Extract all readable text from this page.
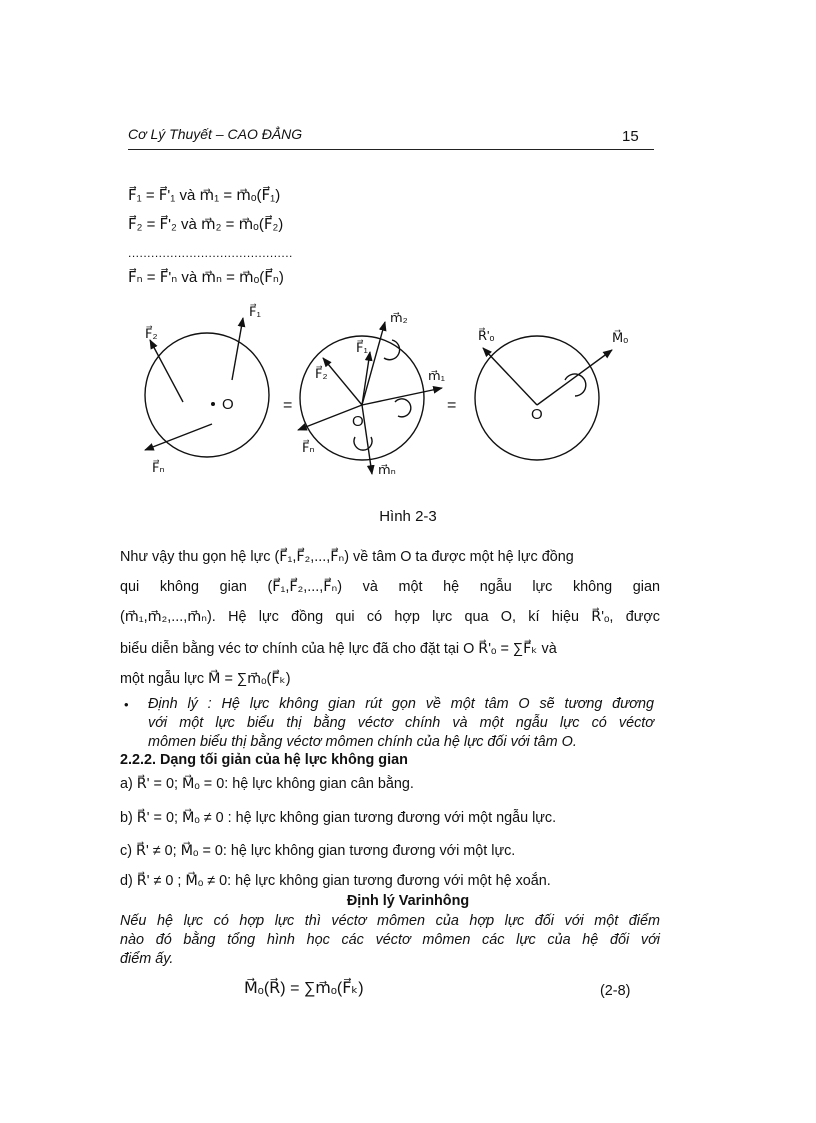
Cơ Lý Thuyết – CAO ĐẲNG	15
F⃗₁ = F⃗'₁ và m⃗₁ = m⃗ₒ(F⃗₁)
F⃗₂ = F⃗'₂ và m⃗₂ = m⃗ₒ(F⃗₂)
...........................................
F⃗ₙ = F⃗'ₙ và m⃗ₙ = m⃗ₒ(F⃗ₙ)
F⃗₁
F⃗₂
F⃗ₙ
O	=
m⃗₂
m⃗₁
F⃗₁
F⃗₂
F⃗ₙ
m⃗ₙ
O
=
R⃗'ₒ	M⃗ₒ
O
Hình 2-3
Như vậy thu gọn hệ lực (F⃗₁,F⃗₂,...,F⃗ₙ) về tâm O ta được một hệ lực đồng
qui không gian (F⃗₁,F⃗₂,...,F⃗ₙ) và một hệ ngẫu lực không gian
(m⃗₁,m⃗₂,...,m⃗ₙ). Hệ lực đồng qui có hợp lực qua O, kí hiệu R⃗'ₒ, được
biểu diễn bằng véc tơ chính của hệ lực đã cho đặt tại O R⃗'ₒ = ∑F⃗ₖ và
một ngẫu lực M⃗ = ∑m⃗ₒ(F⃗ₖ)
• Định lý : Hệ lực không gian rút gọn về một tâm O sẽ tương đương
với một lực biểu thị bằng véctơ chính và một ngẫu lực có véctơ
mômen biểu thị bằng véctơ mômen chính của hệ lực đối với tâm O.
2.2.2. Dạng tối giản của hệ lực không gian
a) R⃗' = 0; M⃗ₒ = 0: hệ lực không gian cân bằng.
b) R⃗' = 0; M⃗ₒ ≠ 0 : hệ lực không gian tương đương với một ngẫu lực.
c) R⃗' ≠ 0; M⃗ₒ = 0: hệ lực không gian tương đương với một lực.
d) R⃗' ≠ 0 ; M⃗ₒ ≠ 0: hệ lực không gian tương đương với một hệ xoắn.
Định lý Varinhông
Nếu hệ lực có hợp lực thì véctơ mômen của hợp lực đối với một điểm
nào đó bằng tổng hình học các véctơ mômen các lực của hệ đối với
điểm ấy.
M⃗ₒ(R⃗) = ∑m⃗ₒ(F⃗ₖ)	(2-8)
